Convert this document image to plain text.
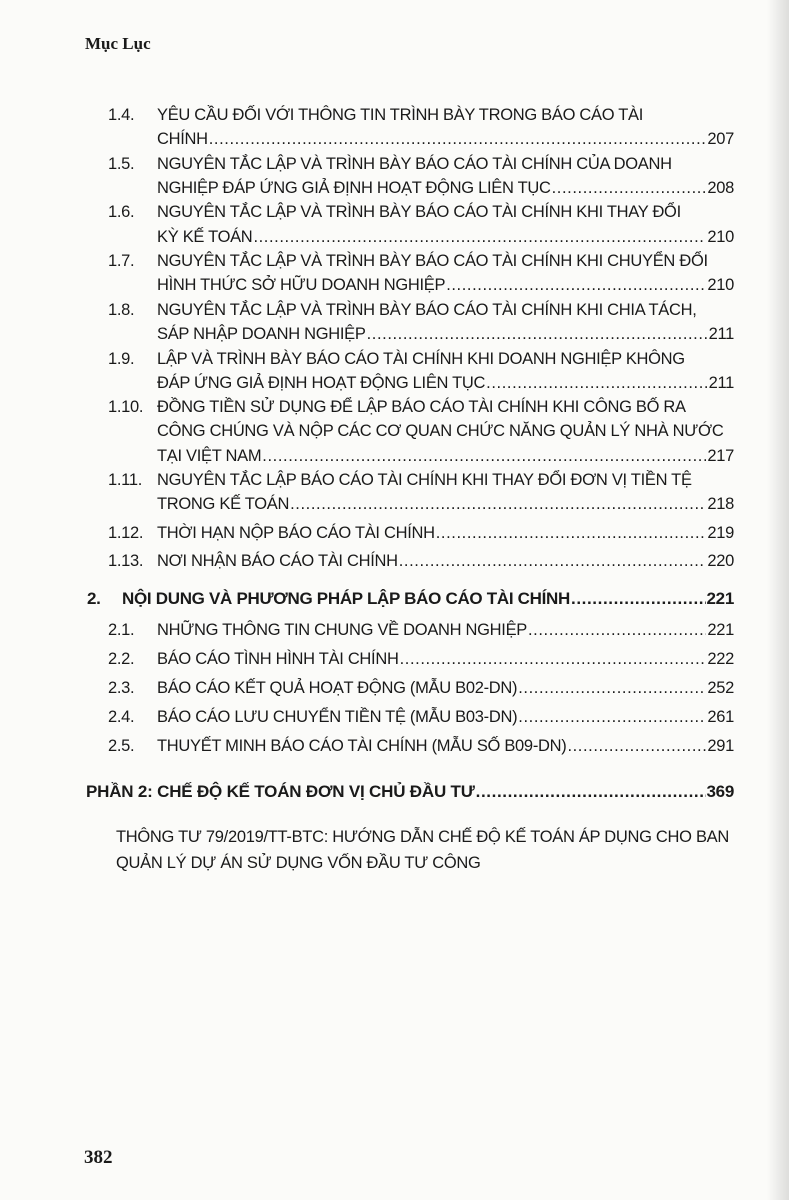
Mục Lục
1.4.	YÊU CẦU ĐỐI VỚI THÔNG TIN TRÌNH BÀY TRONG BÁO CÁO TÀI
CHÍNH .....	207
1.5.	NGUYÊN TẮC LẬP VÀ TRÌNH BÀY BÁO CÁO TÀI CHÍNH CỦA DOANH
NGHIỆP ĐÁP ỨNG GIẢ ĐỊNH HOẠT ĐỘNG LIÊN TỤC .....	208
1.6.	NGUYÊN TẮC LẬP VÀ TRÌNH BÀY BÁO CÁO TÀI CHÍNH KHI THAY ĐỔI
KỲ KẾ TOÁN .....	210
1.7.	NGUYÊN TẮC LẬP VÀ TRÌNH BÀY BÁO CÁO TÀI CHÍNH KHI CHUYỂN ĐỔI
HÌNH THỨC SỞ HỮU DOANH NGHIỆP .....	210
1.8.	NGUYÊN TẮC LẬP VÀ TRÌNH BÀY BÁO CÁO TÀI CHÍNH KHI CHIA TÁCH,
SÁP NHẬP DOANH NGHIỆP .....	211
1.9.	LẬP VÀ TRÌNH BÀY BÁO CÁO TÀI CHÍNH KHI DOANH NGHIỆP KHÔNG
ĐÁP ỨNG GIẢ ĐỊNH HOẠT ĐỘNG LIÊN TỤC .....	211
1.10. ĐỒNG TIỀN SỬ DỤNG ĐỂ LẬP BÁO CÁO TÀI CHÍNH KHI CÔNG BỐ RA
CÔNG CHÚNG VÀ NỘP CÁC CƠ QUAN CHỨC NĂNG QUẢN LÝ NHÀ NƯỚC
TẠI VIỆT NAM .....	217
1.11. NGUYÊN TẮC LẬP BÁO CÁO TÀI CHÍNH KHI THAY ĐỔI ĐƠN VỊ TIỀN TỆ
TRONG KẾ TOÁN .....	218
1.12. THỜI HẠN NỘP BÁO CÁO TÀI CHÍNH .....	219
1.13. NƠI NHẬN BÁO CÁO TÀI CHÍNH .....	220
2.	NỘI DUNG VÀ PHƯƠNG PHÁP LẬP BÁO CÁO TÀI CHÍNH .....	221
2.1.	NHỮNG THÔNG TIN CHUNG VỀ DOANH NGHIỆP .....	221
2.2.	BÁO CÁO TÌNH HÌNH TÀI CHÍNH .....	222
2.3.	BÁO CÁO KẾT QUẢ HOẠT ĐỘNG (MẪU B02-DN) .....	252
2.4.	BÁO CÁO LƯU CHUYỂN TIỀN TỆ (MẪU B03-DN) .....	261
2.5.	THUYẾT MINH BÁO CÁO TÀI CHÍNH (MẪU SỐ B09-DN) .....	291
PHẦN 2: CHẾ ĐỘ KẾ TOÁN ĐƠN VỊ CHỦ ĐẦU TƯ .....	369
THÔNG TƯ 79/2019/TT-BTC: HƯỚNG DẪN CHẾ ĐỘ KẾ TOÁN ÁP DỤNG CHO BAN QUẢN LÝ DỰ ÁN SỬ DỤNG VỐN ĐẦU TƯ CÔNG
382
